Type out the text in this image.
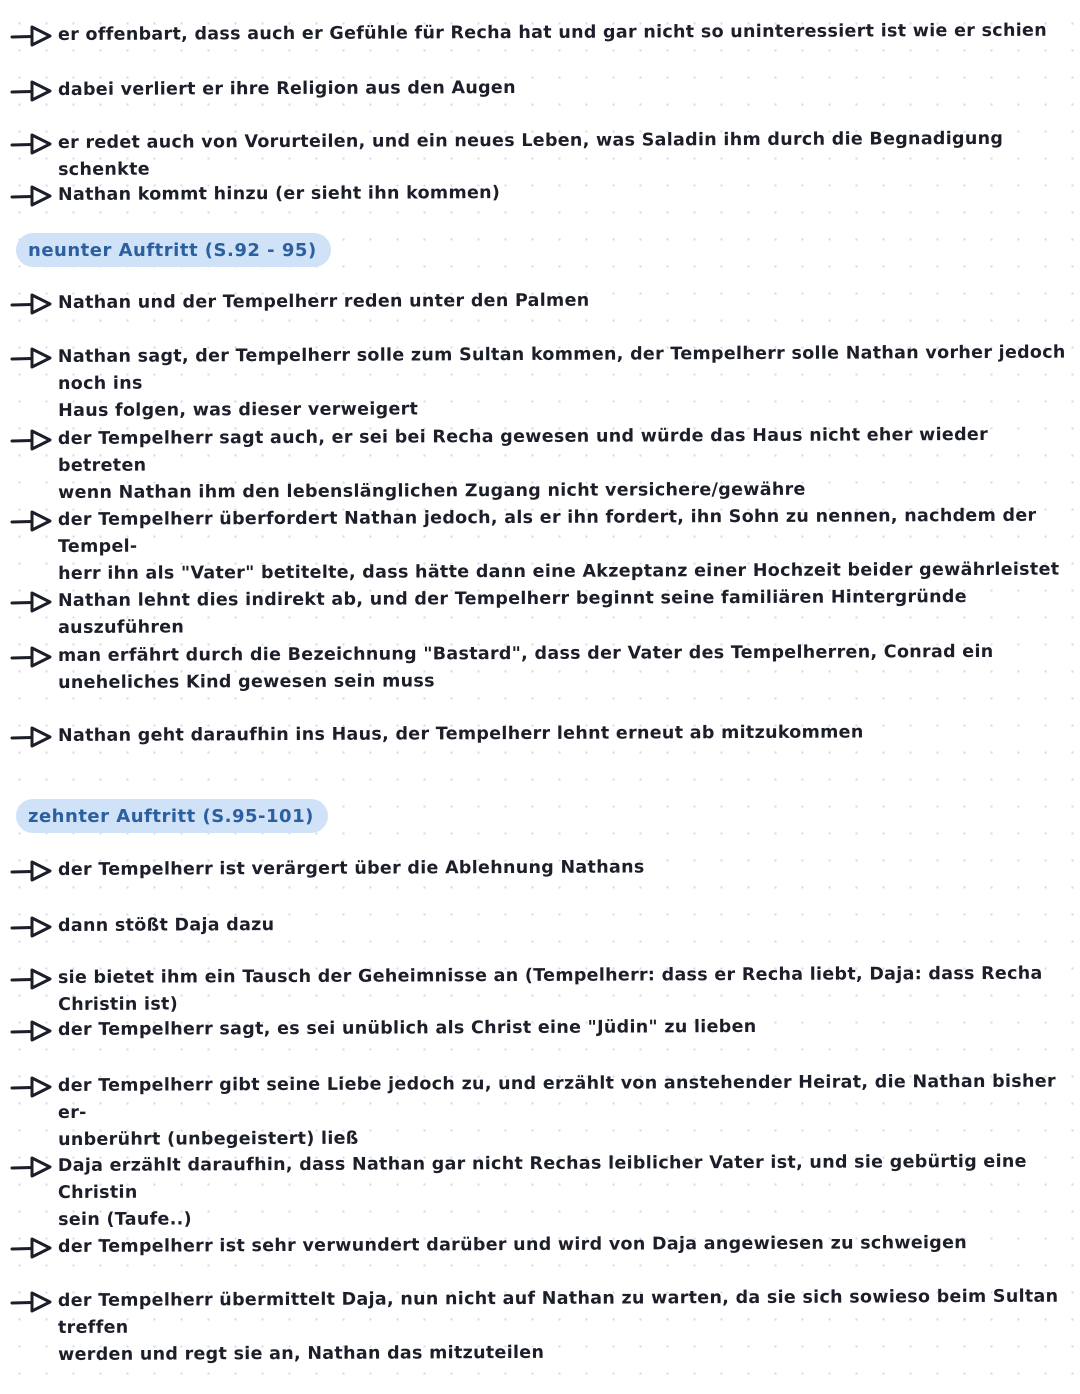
er offenbart, dass auch er Gefühle für Recha hat und gar nicht so uninteressiert ist wie er schien
dabei verliert er ihre Religion aus den Augen
er redet auch von Vorurteilen, und ein neues Leben, was Saladin ihm durch die Begnadigung schenkte
Nathan kommt hinzu (er sieht ihn kommen)
neunter Auftritt (S.92 - 95)
Nathan und der Tempelherr reden unter den Palmen
Nathan sagt, der Tempelherr solle zum Sultan kommen, der Tempelherr solle Nathan vorher jedoch noch ins
Haus folgen, was dieser verweigert
der Tempelherr sagt auch, er sei bei Recha gewesen und würde das Haus nicht eher wieder betreten
wenn Nathan ihm den lebenslänglichen Zugang nicht versichere/gewähre
der Tempelherr überfordert Nathan jedoch, als er ihn fordert, ihn Sohn zu nennen, nachdem der Tempel-
herr ihn als "Vater" betitelte, dass hätte dann eine Akzeptanz einer Hochzeit beider gewährleistet
Nathan lehnt dies indirekt ab, und der Tempelherr beginnt seine familiären Hintergründe auszuführen
man erfährt durch die Bezeichnung "Bastard", dass der Vater des Tempelherren, Conrad ein
uneheliches Kind gewesen sein muss
Nathan geht daraufhin ins Haus, der Tempelherr lehnt erneut ab mitzukommen
zehnter Auftritt (S.95-101)
der Tempelherr ist verärgert über die Ablehnung Nathans
dann stößt Daja dazu
sie bietet ihm ein Tausch der Geheimnisse an (Tempelherr: dass er Recha liebt, Daja: dass Recha Christin ist)
der Tempelherr sagt, es sei unüblich als Christ eine "Jüdin" zu lieben
der Tempelherr gibt seine Liebe jedoch zu, und erzählt von anstehender Heirat, die Nathan bisher er-
unberührt (unbegeistert) ließ
Daja erzählt daraufhin, dass Nathan gar nicht Rechas leiblicher Vater ist, und sie gebürtig eine Christin
sein (Taufe..)
der Tempelherr ist sehr verwundert darüber und wird von Daja angewiesen zu schweigen
der Tempelherr übermittelt Daja, nun nicht auf Nathan zu warten, da sie sich sowieso beim Sultan treffen
werden und regt sie an, Nathan das mitzuteilen
